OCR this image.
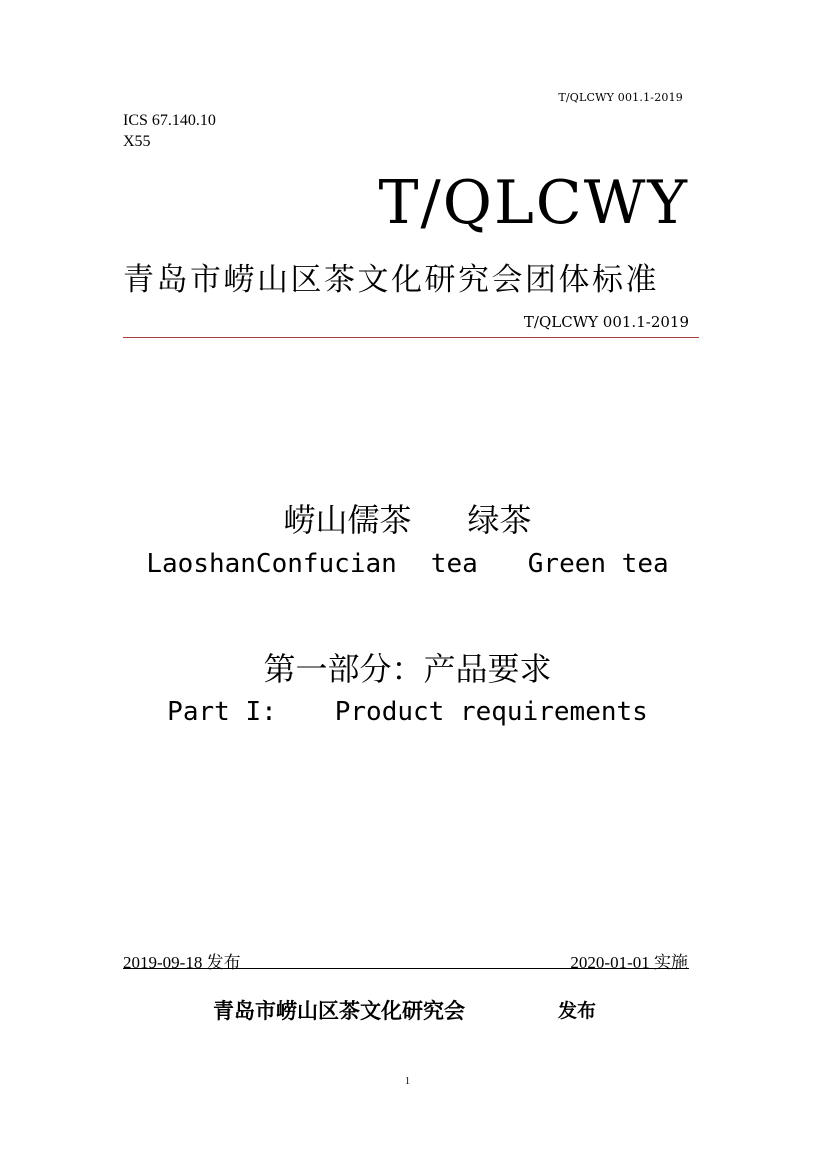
T/QLCWY 001.1-2019
ICS 67.140.10
X55
T/QLCWY
青岛市崂山区茶文化研究会团体标准
T/QLCWY 001.1-2019
崂山儒茶 绿茶
LaoshanConfucian tea Green tea
第一部分：产品要求
Part I: Product requirements
2019-09-18 发布	2020-01-01 实施
青岛市崂山区茶文化研究会	发布
1
